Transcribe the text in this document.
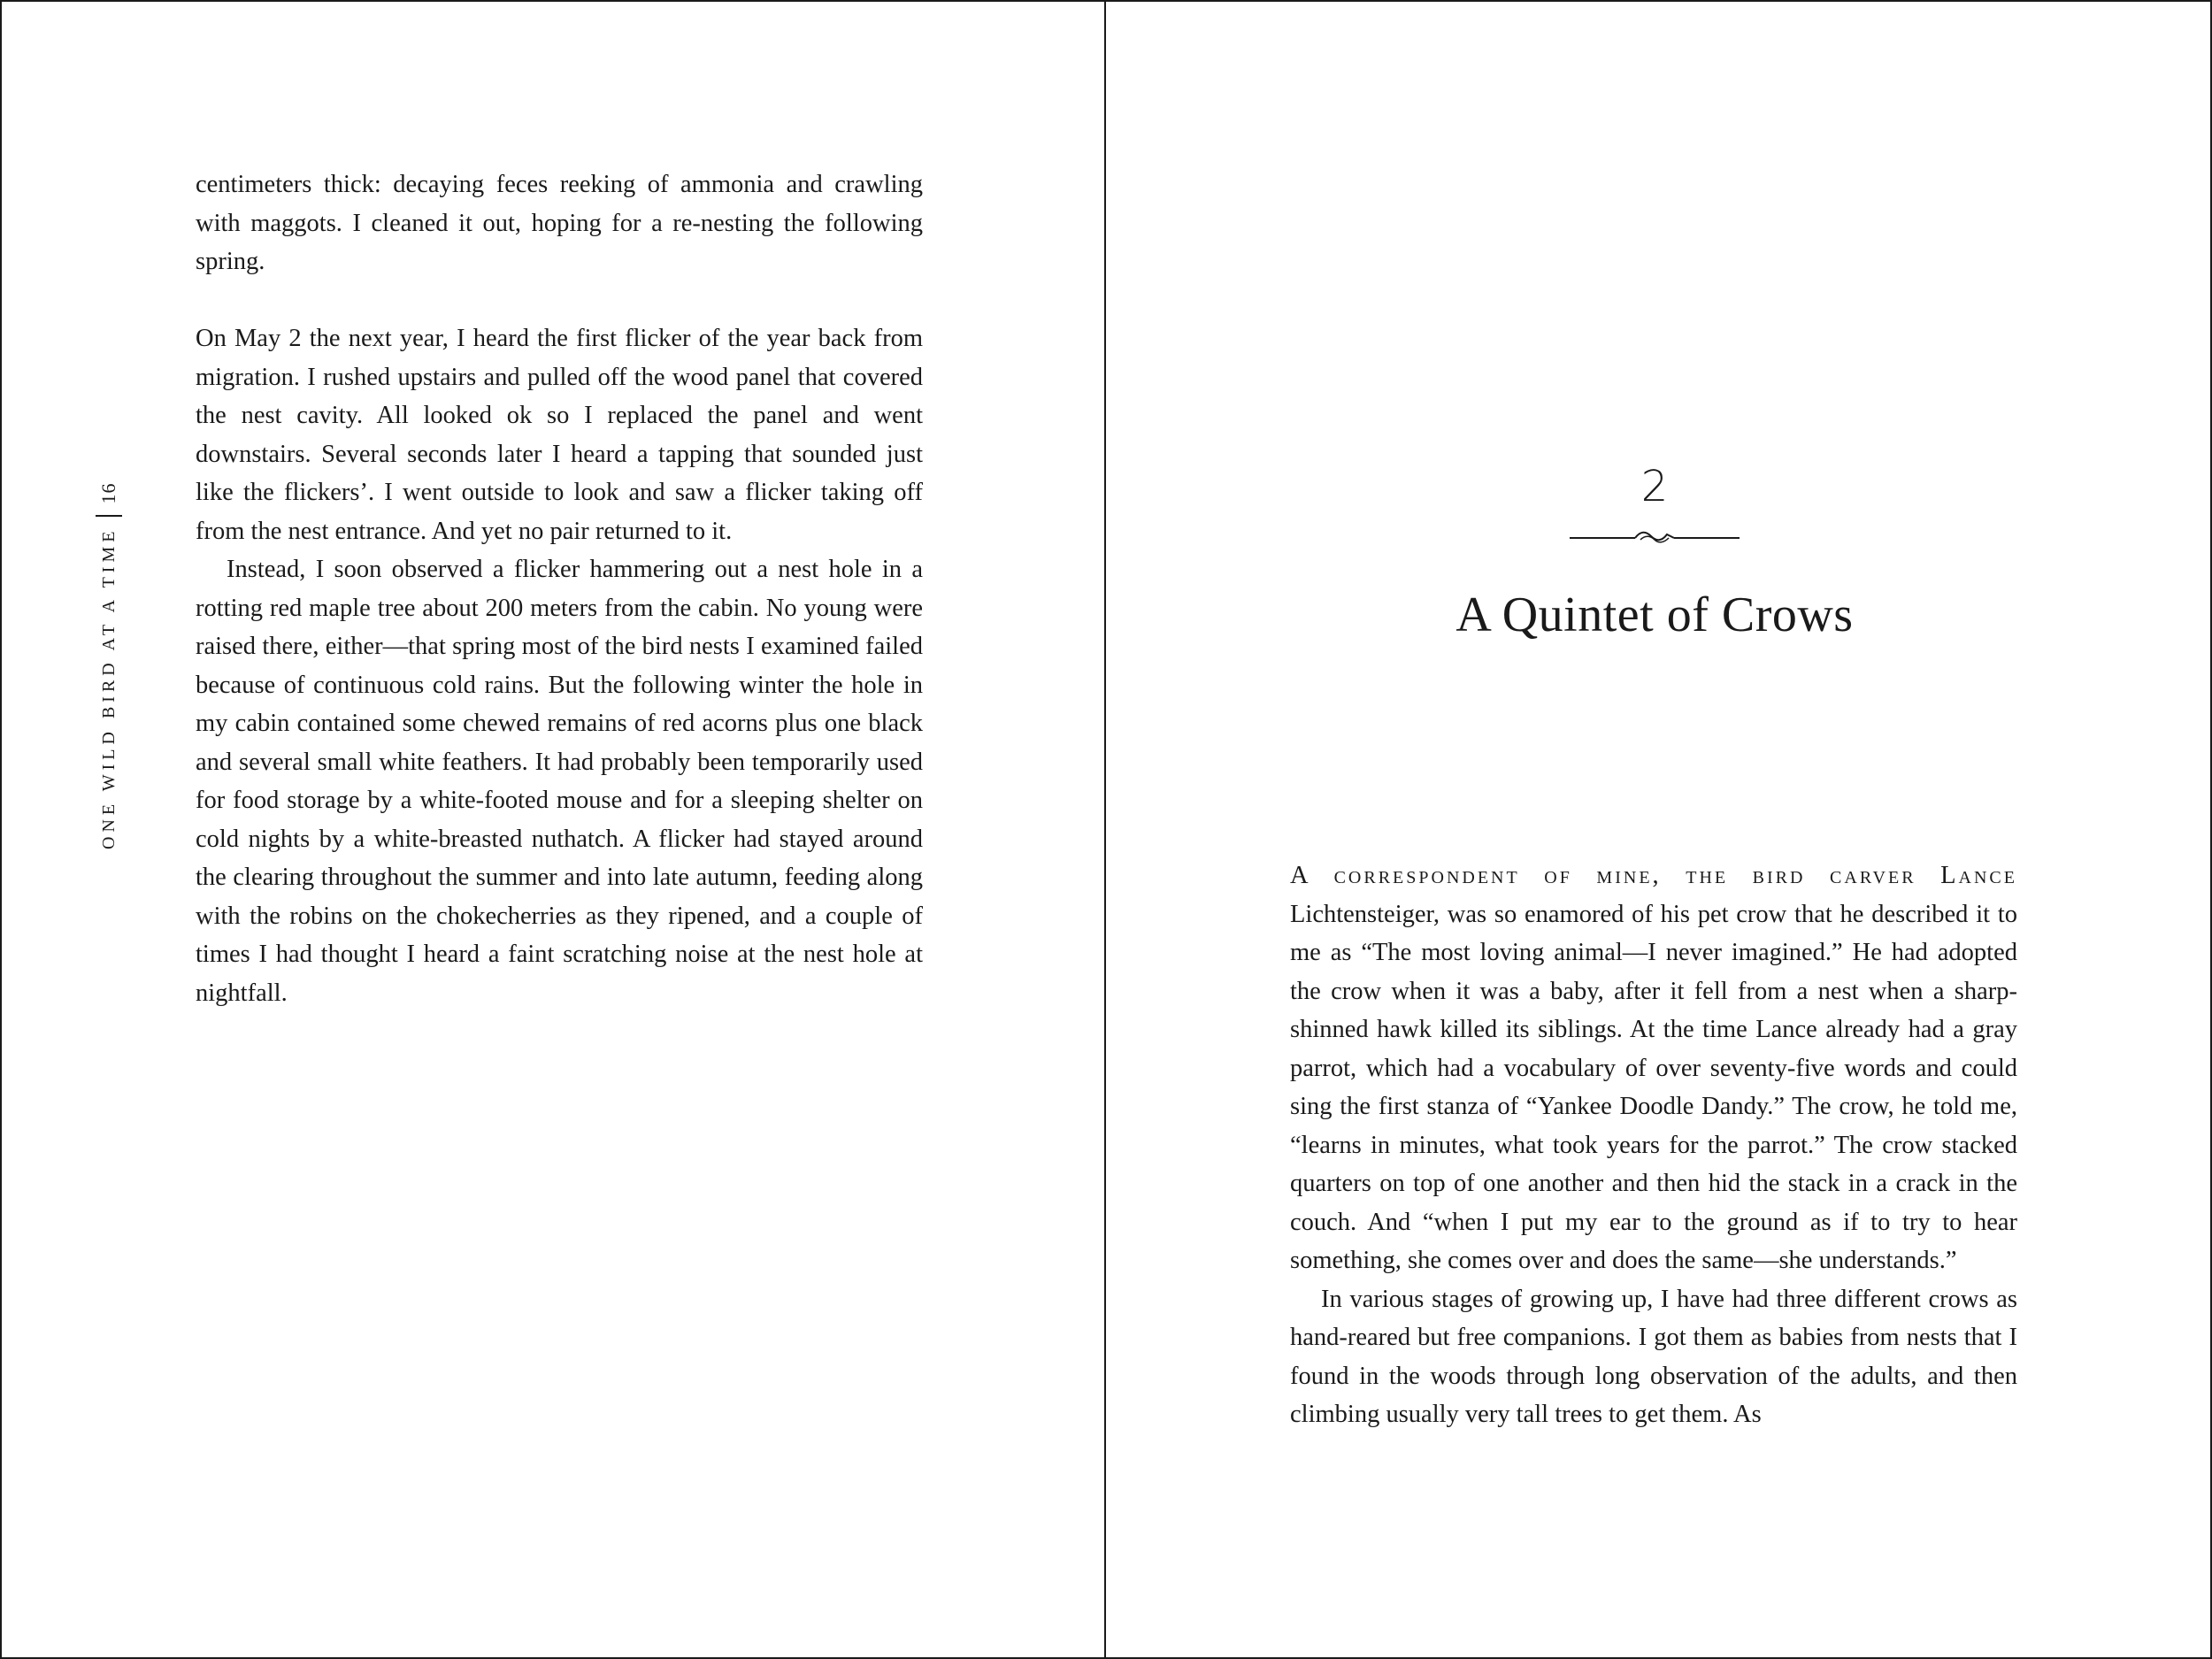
ONE WILD BIRD AT A TIME
16

centimeters thick: decaying feces reeking of ammonia and crawling with maggots. I cleaned it out, hoping for a re-nesting the following spring.

On May 2 the next year, I heard the first flicker of the year back from migration. I rushed upstairs and pulled off the wood panel that covered the nest cavity. All looked ok so I replaced the panel and went downstairs. Several seconds later I heard a tapping that sounded just like the flickers’. I went outside to look and saw a flicker taking off from the nest entrance. And yet no pair returned to it.

Instead, I soon observed a flicker hammering out a nest hole in a rotting red maple tree about 200 meters from the cabin. No young were raised there, either—that spring most of the bird nests I examined failed because of continuous cold rains. But the following winter the hole in my cabin contained some chewed remains of red acorns plus one black and several small white feathers. It had probably been temporarily used for food storage by a white-footed mouse and for a sleeping shelter on cold nights by a white-breasted nuthatch. A flicker had stayed around the clearing throughout the summer and into late autumn, feeding along with the robins on the chokecherries as they ripened, and a couple of times I had thought I heard a faint scratching noise at the nest hole at nightfall.

2
A Quintet of Crows

A correspondent of mine, the bird carver Lance Lichtensteiger, was so enamored of his pet crow that he described it to me as “The most loving animal—I never imagined.” He had adopted the crow when it was a baby, after it fell from a nest when a sharp-shinned hawk killed its siblings. At the time Lance already had a gray parrot, which had a vocabulary of over seventy-five words and could sing the first stanza of “Yankee Doodle Dandy.” The crow, he told me, “learns in minutes, what took years for the parrot.” The crow stacked quarters on top of one another and then hid the stack in a crack in the couch. And “when I put my ear to the ground as if to try to hear something, she comes over and does the same—she understands.”

In various stages of growing up, I have had three different crows as hand-reared but free companions. I got them as babies from nests that I found in the woods through long observation of the adults, and then climbing usually very tall trees to get them. As
